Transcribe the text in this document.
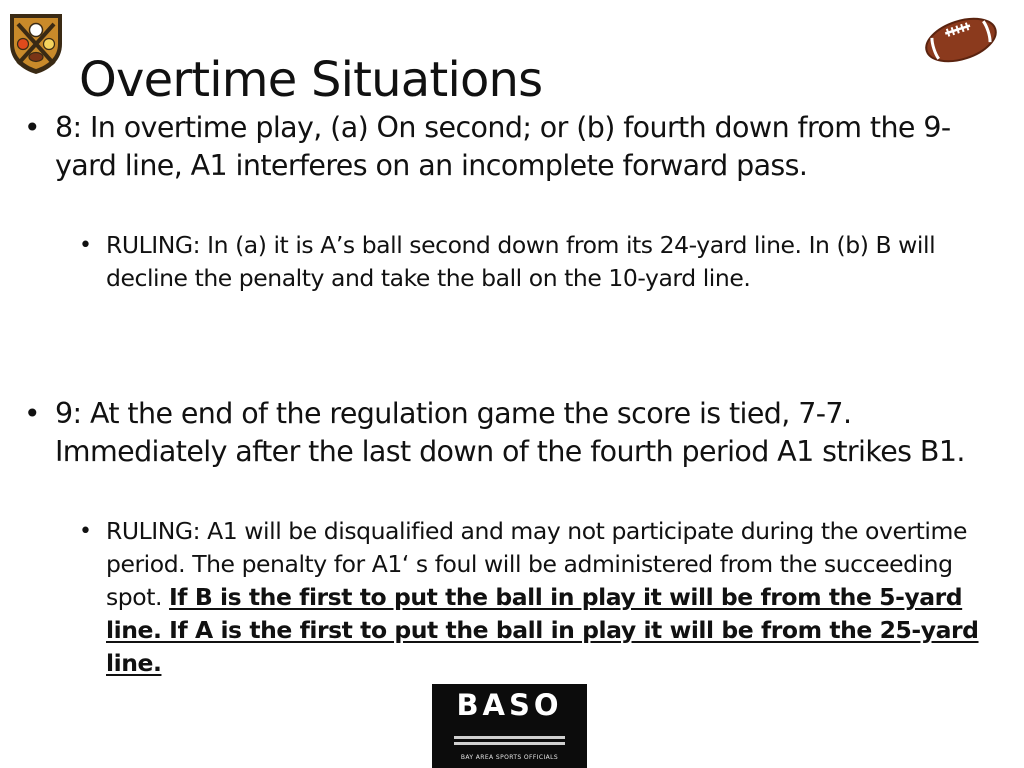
Overtime Situations

• 8: In overtime play, (a) On second; or (b) fourth down from the 9-yard line, A1 interferes on an incomplete forward pass.

• RULING: In (a) it is A’s ball second down from its 24-yard line. In (b) B will decline the penalty and take the ball on the 10-yard line.

• 9: At the end of the regulation game the score is tied, 7-7. Immediately after the last down of the fourth period A1 strikes B1.

• RULING: A1 will be disqualified and may not participate during the overtime period. The penalty for A1‘ s foul will be administered from the succeeding spot. If B is the first to put the ball in play it will be from the 5-yard line. If A is the first to put the ball in play it will be from the 25-yard line.

BASO
BAY AREA SPORTS OFFICIALS
